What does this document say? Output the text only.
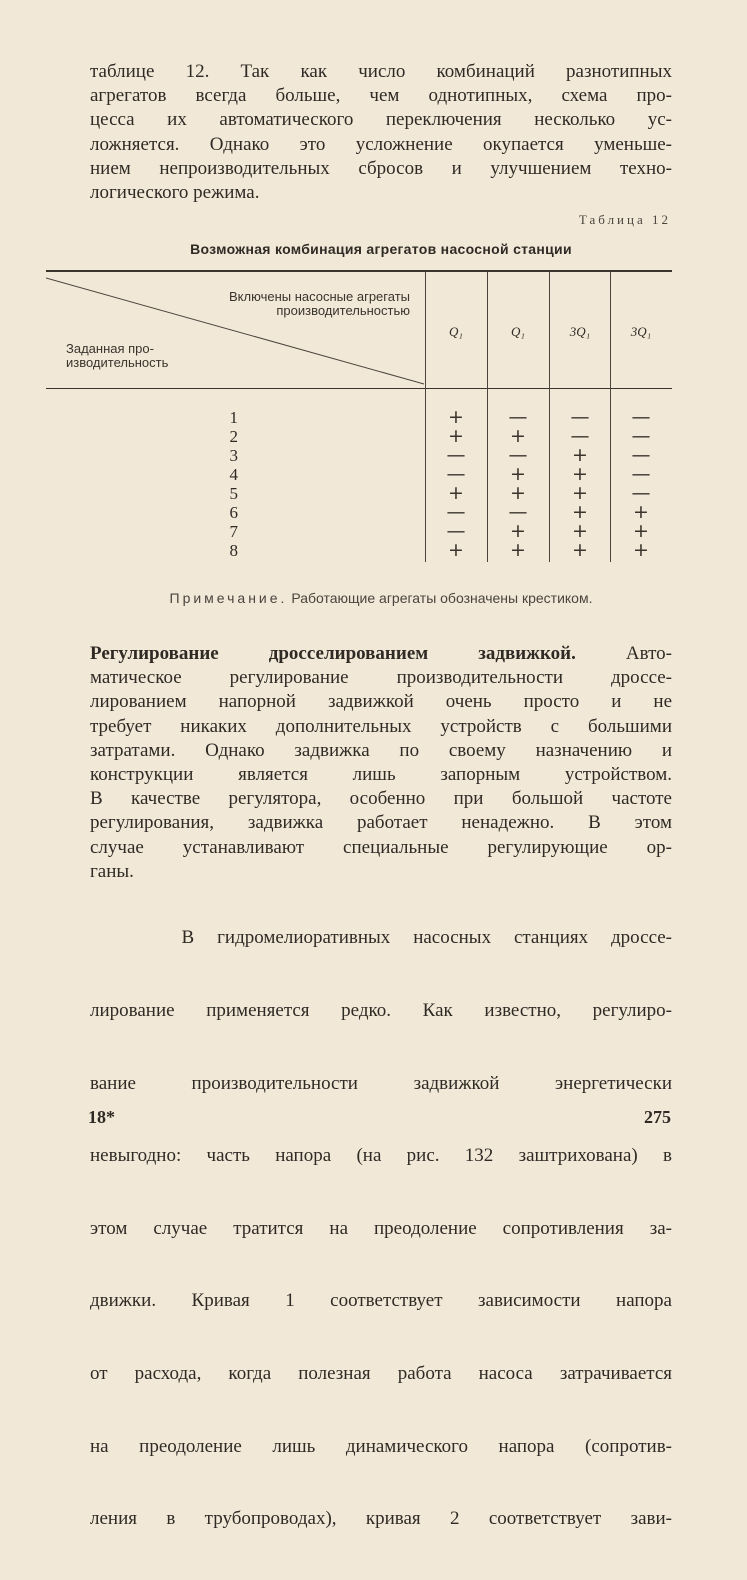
таблице 12. Так как число комбинаций разнотипных
агрегатов всегда больше, чем однотипных, схема про-
цесса их автоматического переключения несколько ус-
ложняется. Однако это усложнение окупается уменьше-
нием непроизводительных сбросов и улучшением техно-
логического режима.
Таблица 12
Возможная комбинация агрегатов насосной станции
Включены насосные агрегаты
производительностью
Заданная про-
изводительность
Q₁	Q₁	3Q₁	3Q₁
1	+	—	—	—
2	+	+	—	—
3	—	—	+	—
4	—	+	+	—
5	+	+	+	—
6	—	—	+	+
7	—	+	+	+
8	+	+	+	+
Примечание. Работающие агрегаты обозначены крестиком.
Регулирование дросселированием задвижкой. Авто-
матическое регулирование производительности дроссе-
лированием напорной задвижкой очень просто и не
требует никаких дополнительных устройств с большими
затратами. Однако задвижка по своему назначению и
конструкции является лишь запорным устройством.
В качестве регулятора, особенно при большой частоте
регулирования, задвижка работает ненадежно. В этом
случае устанавливают специальные регулирующие ор-
ганы.

В гидромелиоративных насосных станциях дроссе-

лирование применяется редко. Как известно, регулиро-

вание производительности задвижкой энергетически

невыгодно: часть напора (на рис. 132 заштрихована) в

этом случае тратится на преодоление сопротивления за-

движки. Кривая 1 соответствует зависимости напора

от расхода, когда полезная работа насоса затрачивается

на преодоление лишь динамического напора (сопротив-

ления в трубопроводах), кривая 2 соответствует зави-

18*	275
